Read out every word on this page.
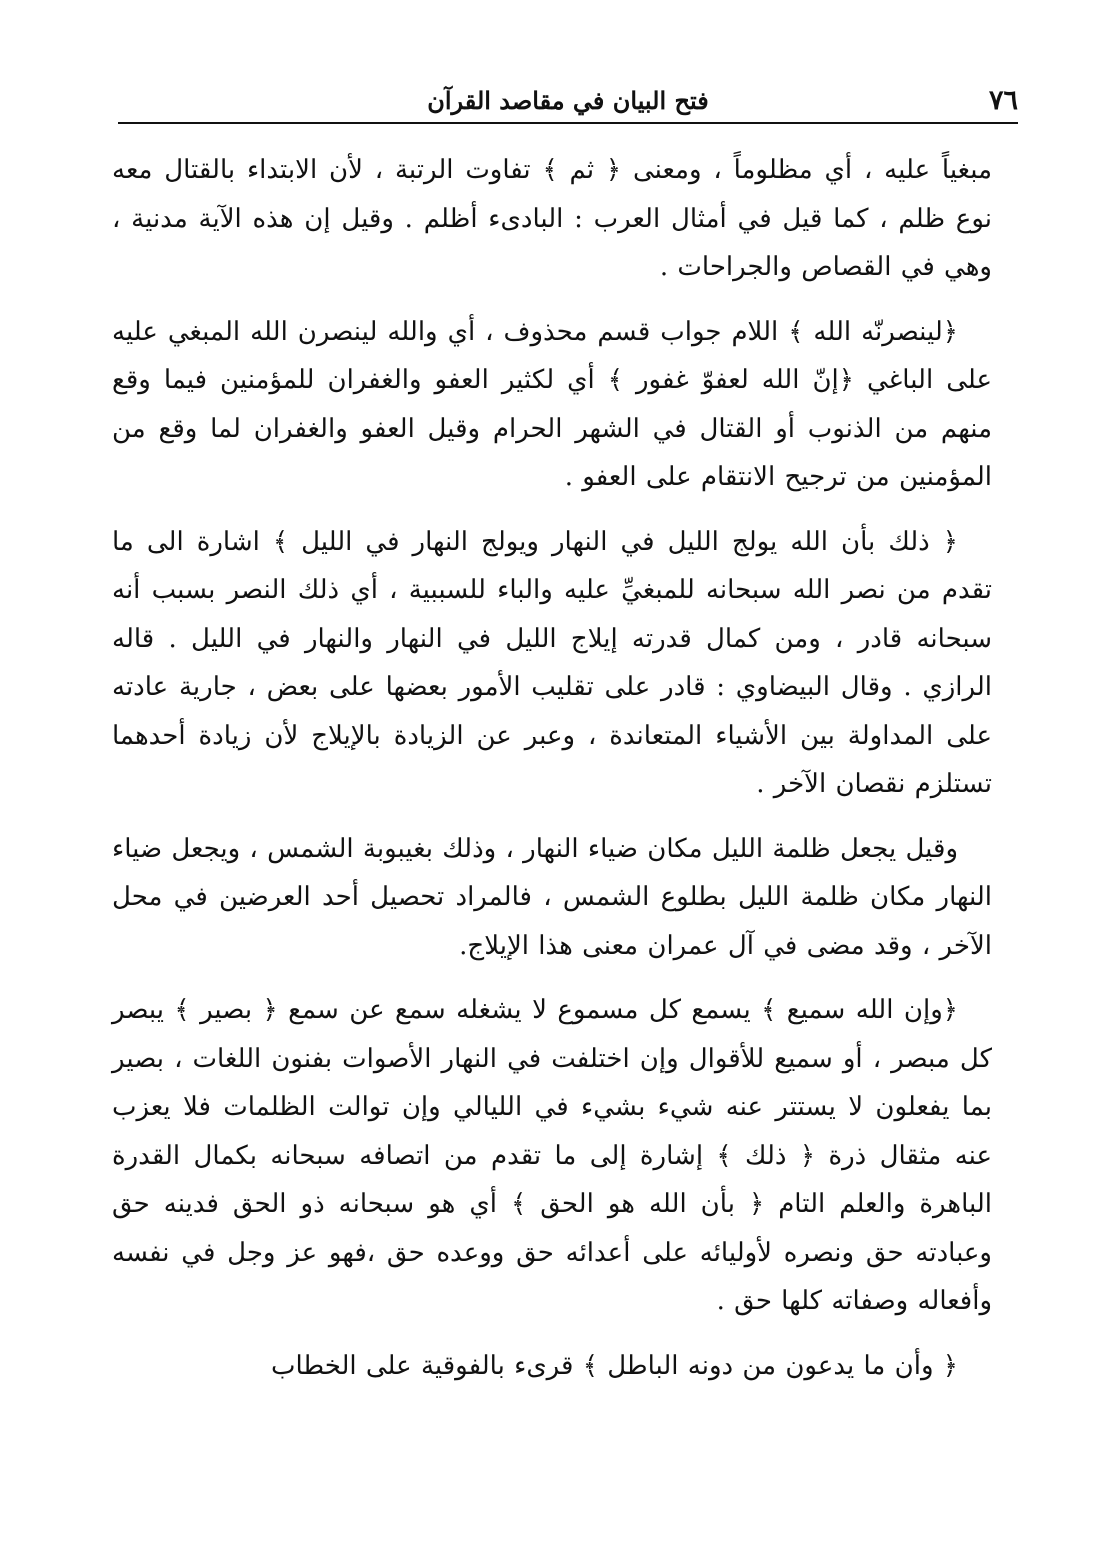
٧٦
فتح البيان في مقاصد القرآن

مبغياً عليه ، أي مظلوماً ، ومعنى ﴿ ثم ﴾ تفاوت الرتبة ، لأن الابتداء بالقتال معه نوع ظلم ، كما قيل في أمثال العرب : البادىء أظلم . وقيل إن هذه الآية مدنية ، وهي في القصاص والجراحات .

﴿لينصرنّه الله ﴾ اللام جواب قسم محذوف ، أي والله لينصرن الله المبغي عليه على الباغي ﴿إنّ الله لعفوّ غفور ﴾ أي لكثير العفو والغفران للمؤمنين فيما وقع منهم من الذنوب أو القتال في الشهر الحرام وقيل العفو والغفران لما وقع من المؤمنين من ترجيح الانتقام على العفو .

﴿ ذلك بأن الله يولج الليل في النهار ويولج النهار في الليل ﴾ اشارة الى ما تقدم من نصر الله سبحانه للمبغيِّ عليه والباء للسببية ، أي ذلك النصر بسبب أنه سبحانه قادر ، ومن كمال قدرته إيلاج الليل في النهار والنهار في الليل . قاله الرازي . وقال البيضاوي : قادر على تقليب الأمور بعضها على بعض ، جارية عادته على المداولة بين الأشياء المتعاندة ، وعبر عن الزيادة بالإيلاج لأن زيادة أحدهما تستلزم نقصان الآخر .

وقيل يجعل ظلمة الليل مكان ضياء النهار ، وذلك بغيبوبة الشمس ، ويجعل ضياء النهار مكان ظلمة الليل بطلوع الشمس ، فالمراد تحصيل أحد العرضين في محل الآخر ، وقد مضى في آل عمران معنى هذا الإيلاج.

﴿وإن الله سميع ﴾ يسمع كل مسموع لا يشغله سمع عن سمع ﴿ بصير ﴾ يبصر كل مبصر ، أو سميع للأقوال وإن اختلفت في النهار الأصوات بفنون اللغات ، بصير بما يفعلون لا يستتر عنه شيء بشيء في الليالي وإن توالت الظلمات فلا يعزب عنه مثقال ذرة ﴿ ذلك ﴾ إشارة إلى ما تقدم من اتصافه سبحانه بكمال القدرة الباهرة والعلم التام ﴿ بأن الله هو الحق ﴾ أي هو سبحانه ذو الحق فدينه حق وعبادته حق ونصره لأوليائه على أعدائه حق ووعده حق ،فهو عز وجل في نفسه وأفعاله وصفاته كلها حق .

﴿ وأن ما يدعون من دونه الباطل ﴾ قرىء بالفوقية على الخطاب
